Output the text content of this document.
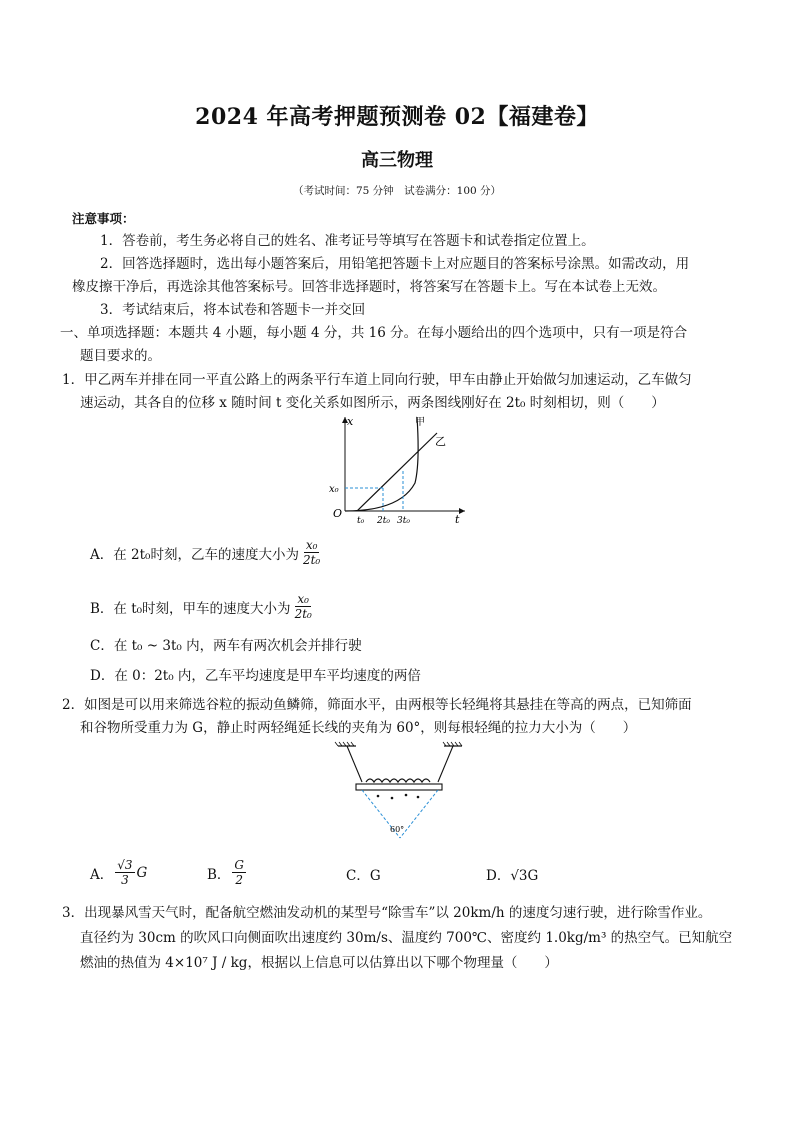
2024 年高考押题预测卷 02【福建卷】
高三物理
（考试时间：75 分钟　试卷满分：100 分）
注意事项：
1．答卷前，考生务必将自己的姓名、准考证号等填写在答题卡和试卷指定位置上。
2．回答选择题时，选出每小题答案后，用铅笔把答题卡上对应题目的答案标号涂黑。如需改动，用
橡皮擦干净后，再选涂其他答案标号。回答非选择题时，将答案写在答题卡上。写在本试卷上无效。
3．考试结束后，将本试卷和答题卡一并交回
一、单项选择题：本题共 4 小题，每小题 4 分，共 16 分。在每小题给出的四个选项中，只有一项是符合
题目要求的。
1．甲乙两车并排在同一平直公路上的两条平行车道上同向行驶，甲车由静止开始做匀加速运动，乙车做匀
速运动，其各自的位移 x 随时间 t 变化关系如图所示，两条图线刚好在 2t₀ 时刻相切，则（　　）
x
t
O
x₀
t₀ 2t₀ 3t₀
甲
乙
A．在 2t₀时刻，乙车的速度大小为 $\frac{\text{x₀}}{\text{2t₀}}$
B．在 t₀时刻，甲车的速度大小为 $\frac{\text{x₀}}{\text{2t₀}}$
C．在 t₀ ~ 3t₀ 内，两车有两次机会并排行驶
D．在 0：2t₀ 内，乙车平均速度是甲车平均速度的两倍
2．如图是可以用来筛选谷粒的振动鱼鳞筛，筛面水平，由两根等长轻绳将其悬挂在等高的两点，已知筛面
和谷物所受重力为 G，静止时两轻绳延长线的夹角为 60°，则每根轻绳的拉力大小为（　　）
60°
A． $\frac{√3}{3}$ G	B． $\frac{G}{2}$	C．G	D．√3G
3．出现暴风雪天气时，配备航空燃油发动机的某型号“除雪车”以 20km/h 的速度匀速行驶，进行除雪作业。
直径约为 30cm 的吹风口向侧面吹出速度约 30m/s、温度约 700℃、密度约 1.0kg/m³ 的热空气。已知航空
燃油的热值为 4×10⁷ J / kg，根据以上信息可以估算出以下哪个物理量（　　）
